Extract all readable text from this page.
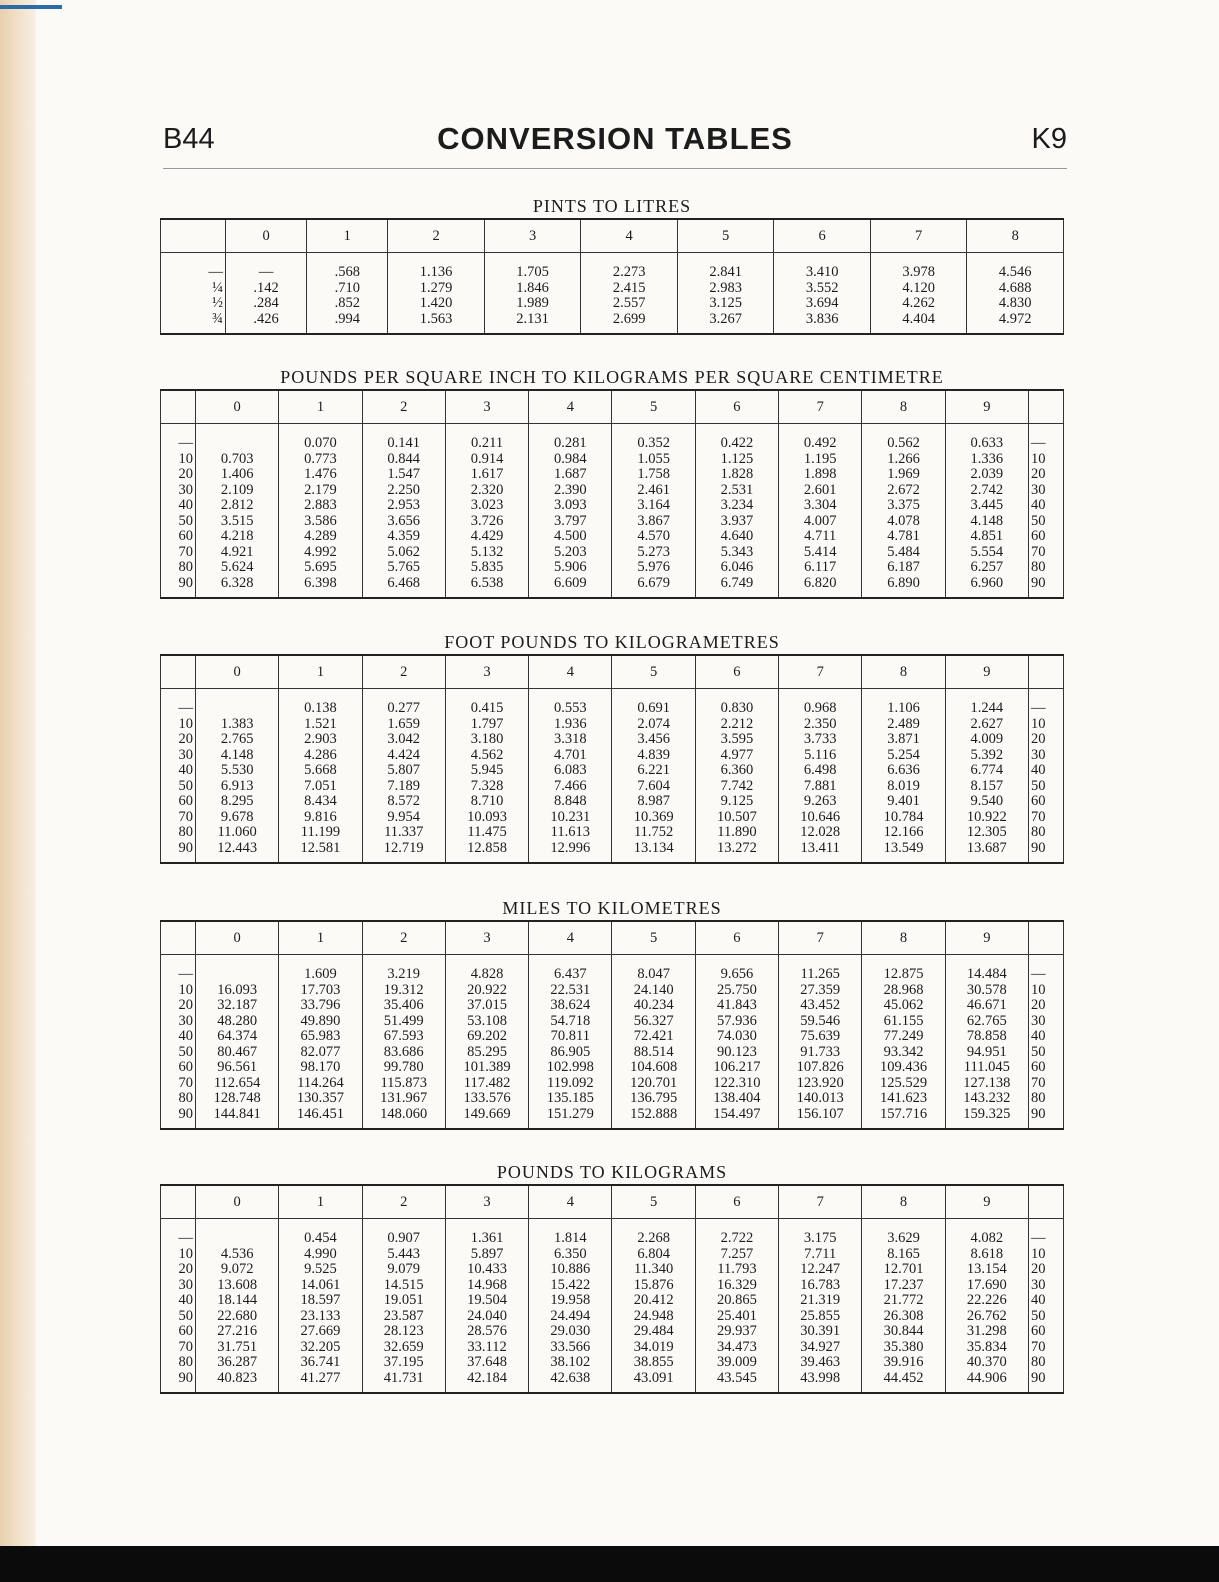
B44	CONVERSION TABLES	K9
PINTS TO LITRES
	0	1	2	3	4	5	6	7	8
—	—	.568	1.136	1.705	2.273	2.841	3.410	3.978	4.546
¼	.142	.710	1.279	1.846	2.415	2.983	3.552	4.120	4.688
½	.284	.852	1.420	1.989	2.557	3.125	3.694	4.262	4.830
¾	.426	.994	1.563	2.131	2.699	3.267	3.836	4.404	4.972
POUNDS PER SQUARE INCH TO KILOGRAMS PER SQUARE CENTIMETRE
	0	1	2	3	4	5	6	7	8	9	
—		0.070	0.141	0.211	0.281	0.352	0.422	0.492	0.562	0.633	—
10	0.703	0.773	0.844	0.914	0.984	1.055	1.125	1.195	1.266	1.336	10
20	1.406	1.476	1.547	1.617	1.687	1.758	1.828	1.898	1.969	2.039	20
30	2.109	2.179	2.250	2.320	2.390	2.461	2.531	2.601	2.672	2.742	30
40	2.812	2.883	2.953	3.023	3.093	3.164	3.234	3.304	3.375	3.445	40
50	3.515	3.586	3.656	3.726	3.797	3.867	3.937	4.007	4.078	4.148	50
60	4.218	4.289	4.359	4.429	4.500	4.570	4.640	4.711	4.781	4.851	60
70	4.921	4.992	5.062	5.132	5.203	5.273	5.343	5.414	5.484	5.554	70
80	5.624	5.695	5.765	5.835	5.906	5.976	6.046	6.117	6.187	6.257	80
90	6.328	6.398	6.468	6.538	6.609	6.679	6.749	6.820	6.890	6.960	90
FOOT POUNDS TO KILOGRAMETRES
	0	1	2	3	4	5	6	7	8	9	
—		0.138	0.277	0.415	0.553	0.691	0.830	0.968	1.106	1.244	—
10	1.383	1.521	1.659	1.797	1.936	2.074	2.212	2.350	2.489	2.627	10
20	2.765	2.903	3.042	3.180	3.318	3.456	3.595	3.733	3.871	4.009	20
30	4.148	4.286	4.424	4.562	4.701	4.839	4.977	5.116	5.254	5.392	30
40	5.530	5.668	5.807	5.945	6.083	6.221	6.360	6.498	6.636	6.774	40
50	6.913	7.051	7.189	7.328	7.466	7.604	7.742	7.881	8.019	8.157	50
60	8.295	8.434	8.572	8.710	8.848	8.987	9.125	9.263	9.401	9.540	60
70	9.678	9.816	9.954	10.093	10.231	10.369	10.507	10.646	10.784	10.922	70
80	11.060	11.199	11.337	11.475	11.613	11.752	11.890	12.028	12.166	12.305	80
90	12.443	12.581	12.719	12.858	12.996	13.134	13.272	13.411	13.549	13.687	90
MILES TO KILOMETRES
	0	1	2	3	4	5	6	7	8	9	
—		1.609	3.219	4.828	6.437	8.047	9.656	11.265	12.875	14.484	—
10	16.093	17.703	19.312	20.922	22.531	24.140	25.750	27.359	28.968	30.578	10
20	32.187	33.796	35.406	37.015	38.624	40.234	41.843	43.452	45.062	46.671	20
30	48.280	49.890	51.499	53.108	54.718	56.327	57.936	59.546	61.155	62.765	30
40	64.374	65.983	67.593	69.202	70.811	72.421	74.030	75.639	77.249	78.858	40
50	80.467	82.077	83.686	85.295	86.905	88.514	90.123	91.733	93.342	94.951	50
60	96.561	98.170	99.780	101.389	102.998	104.608	106.217	107.826	109.436	111.045	60
70	112.654	114.264	115.873	117.482	119.092	120.701	122.310	123.920	125.529	127.138	70
80	128.748	130.357	131.967	133.576	135.185	136.795	138.404	140.013	141.623	143.232	80
90	144.841	146.451	148.060	149.669	151.279	152.888	154.497	156.107	157.716	159.325	90
POUNDS TO KILOGRAMS
	0	1	2	3	4	5	6	7	8	9	
—		0.454	0.907	1.361	1.814	2.268	2.722	3.175	3.629	4.082	—
10	4.536	4.990	5.443	5.897	6.350	6.804	7.257	7.711	8.165	8.618	10
20	9.072	9.525	9.079	10.433	10.886	11.340	11.793	12.247	12.701	13.154	20
30	13.608	14.061	14.515	14.968	15.422	15.876	16.329	16.783	17.237	17.690	30
40	18.144	18.597	19.051	19.504	19.958	20.412	20.865	21.319	21.772	22.226	40
50	22.680	23.133	23.587	24.040	24.494	24.948	25.401	25.855	26.308	26.762	50
60	27.216	27.669	28.123	28.576	29.030	29.484	29.937	30.391	30.844	31.298	60
70	31.751	32.205	32.659	33.112	33.566	34.019	34.473	34.927	35.380	35.834	70
80	36.287	36.741	37.195	37.648	38.102	38.855	39.009	39.463	39.916	40.370	80
90	40.823	41.277	41.731	42.184	42.638	43.091	43.545	43.998	44.452	44.906	90
